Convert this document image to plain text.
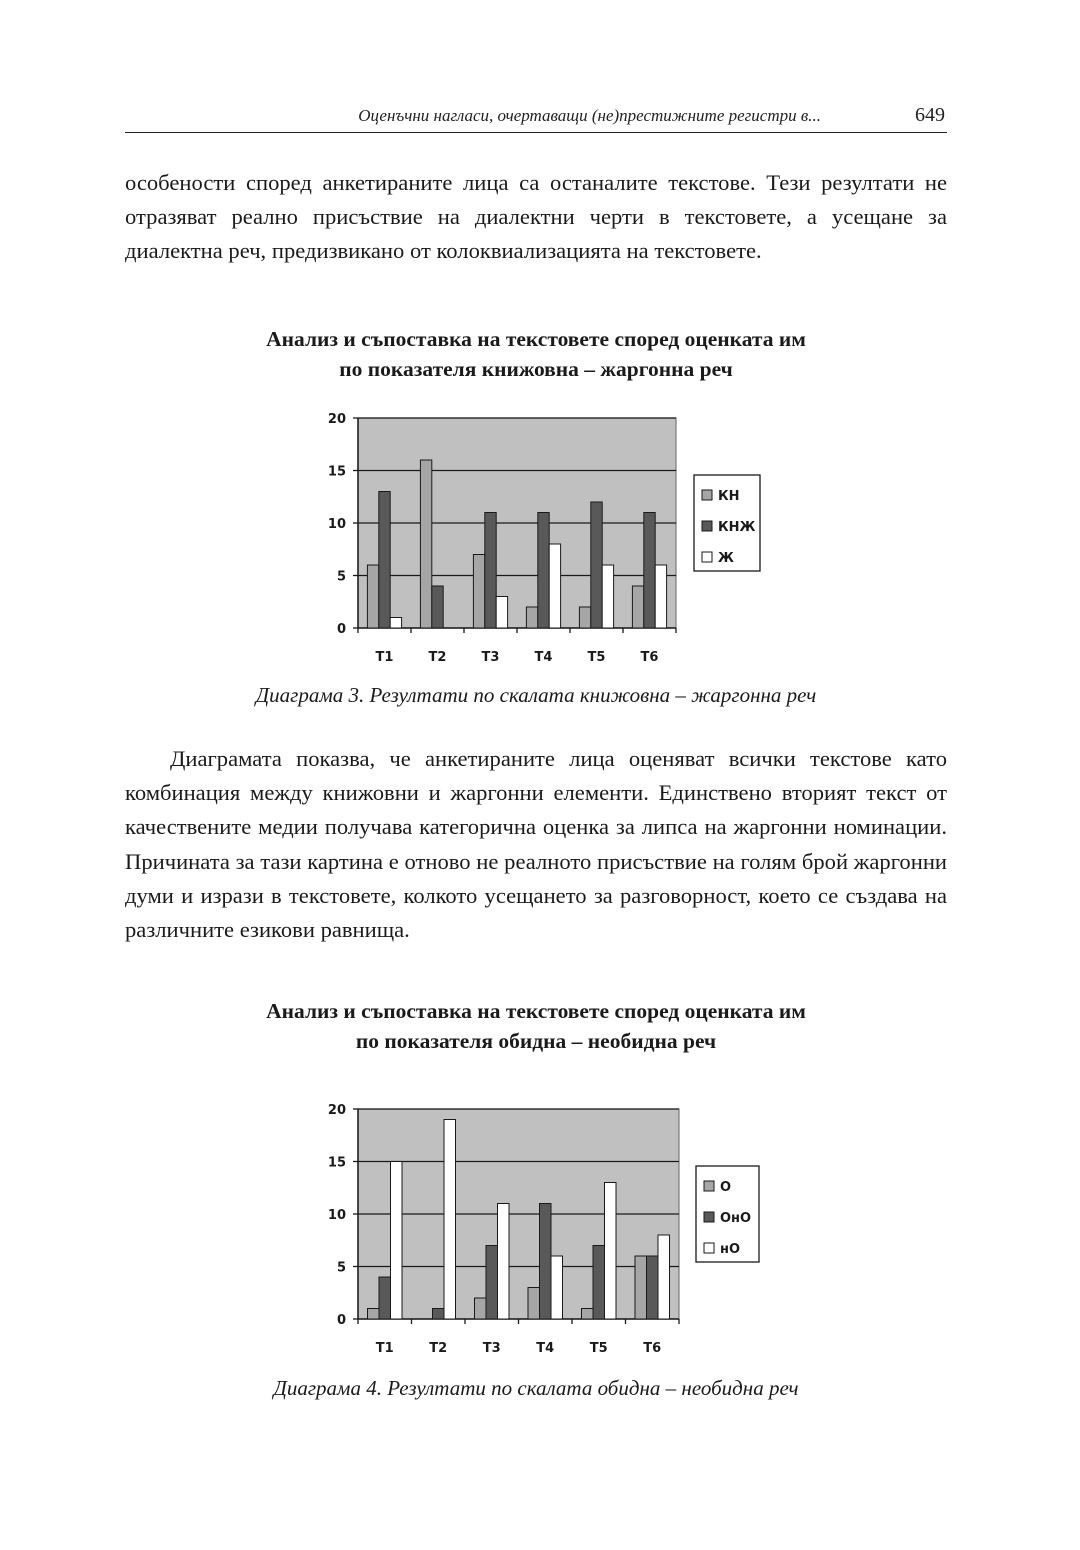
Оценъчни нагласи, очертаващи (не)престижните регистри в...	649

особености според анкетираните лица са останалите текстове. Тези резултати не отразяват реално присъствие на диалектни черти в текстовете, а усещане за диалектна реч, предизвикано от колоквиализацията на текстовете.

Анализ и съпоставка на текстовете според оценката им
по показателя книжовна – жаргонна реч
0
5
10
15
20
Т1	Т2	Т3	Т4	Т5	Т6
КН
КНЖ
Ж

Диаграма 3. Резултати по скалата книжовна – жаргонна реч

Диаграмата показва, че анкетираните лица оценяват всички текстове като комбинация между книжовни и жаргонни елементи. Единствено вторият текст от качествените медии получава категорична оценка за липса на жаргонни номинации. Причината за тази картина е отново не реалното присъствие на голям брой жаргонни думи и изрази в текстовете, колкото усещането за разговорност, което се създава на различните езикови равнища.

Анализ и съпоставка на текстовете според оценката им
по показателя обидна – необидна реч
0
5
10
15
20
Т1	Т2	Т3	Т4	Т5	Т6
О
ОнО
нО

Диаграма 4. Резултати по скалата обидна – необидна реч
